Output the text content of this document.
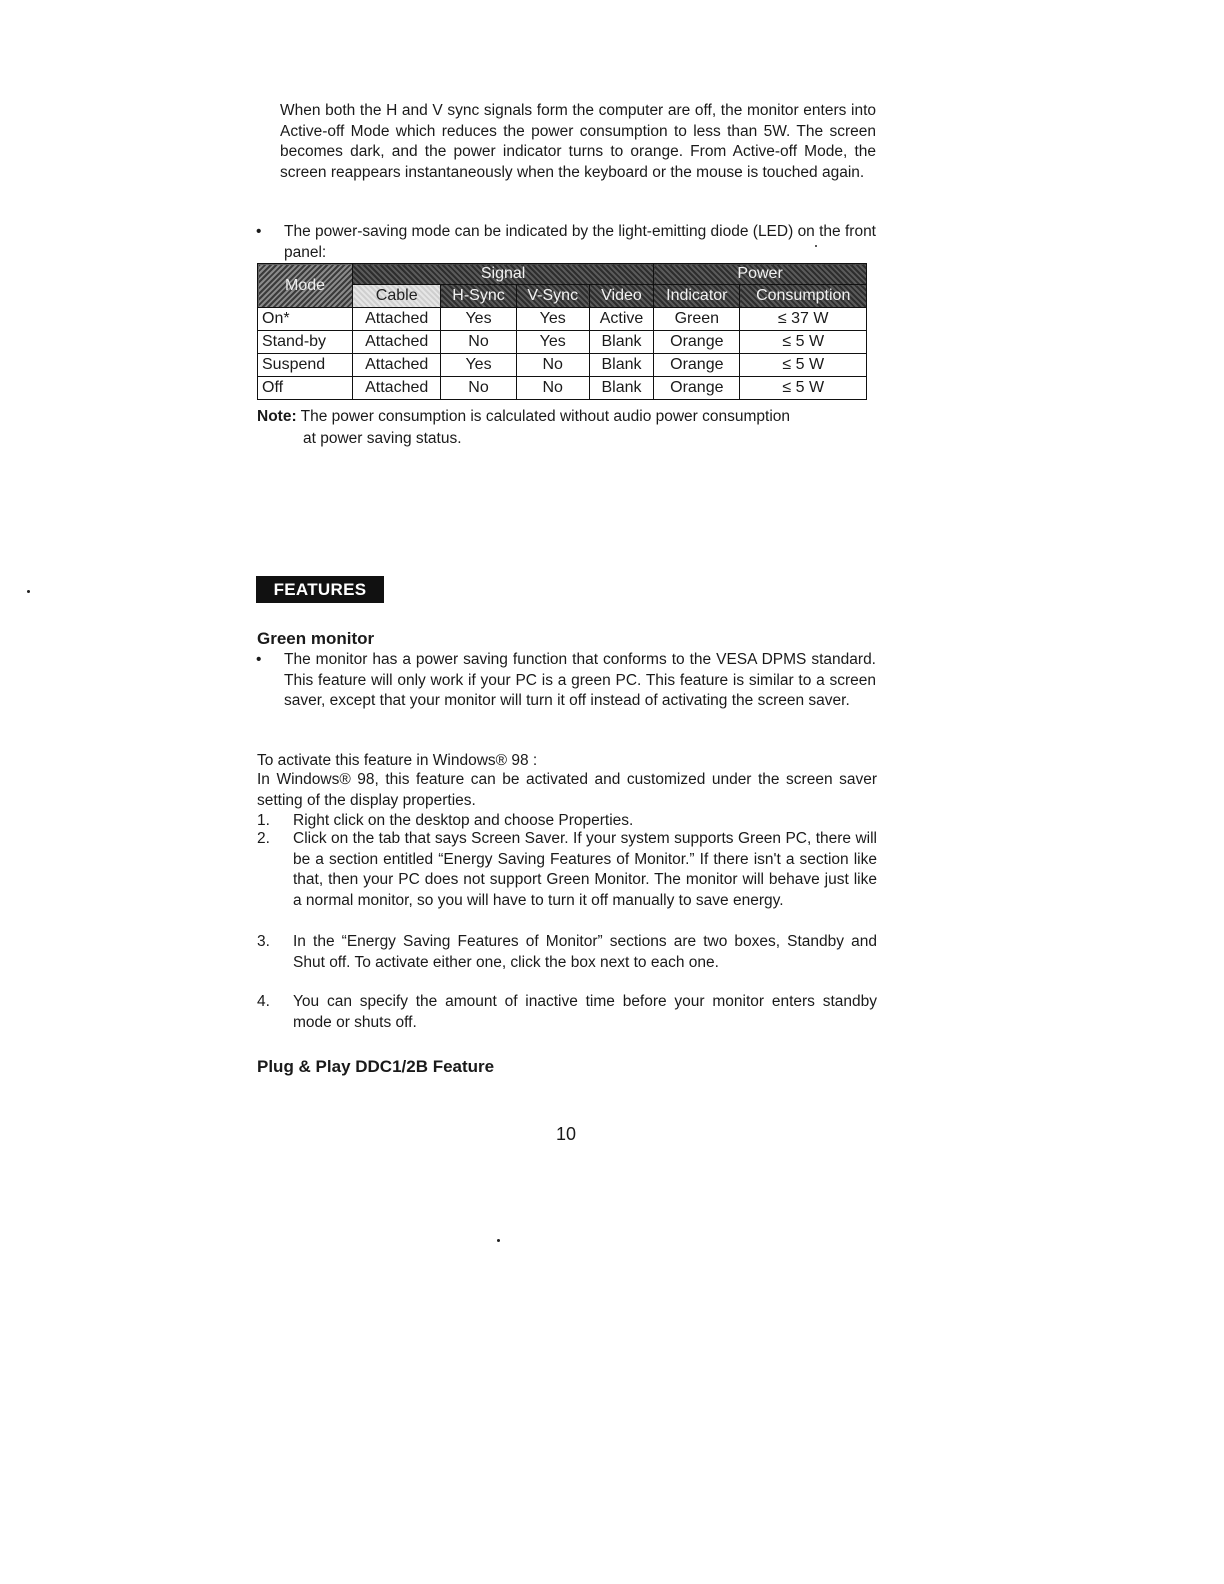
When both the H and V sync signals form the computer are off, the monitor enters into Active-off Mode which reduces the power consumption to less than 5W. The screen becomes dark, and the power indicator turns to orange. From Active-off Mode, the screen reappears instantaneously when the keyboard or the mouse is touched again.

•	The power-saving mode can be indicated by the light-emitting diode (LED) on the front panel:
Mode	Signal				Power	
	Cable	H-Sync	V-Sync	Video	Indicator	Consumption
On*	Attached	Yes	Yes	Active	Green	≤ 37 W
Stand-by	Attached	No	Yes	Blank	Orange	≤ 5 W
Suspend	Attached	Yes	No	Blank	Orange	≤ 5 W
Off	Attached	No	No	Blank	Orange	≤ 5 W
Note: The power consumption is calculated without audio power consumption
at power saving status.
FEATURES
Green monitor
•	The monitor has a power saving function that conforms to the VESA DPMS standard. This feature will only work if your PC is a green PC. This feature is similar to a screen saver, except that your monitor will turn it off instead of activating the screen saver.
To activate this feature in Windows® 98 :
In Windows® 98, this feature can be activated and customized under the screen saver setting of the display properties.
1.	Right click on the desktop and choose Properties.
2.	Click on the tab that says Screen Saver. If your system supports Green PC, there will be a section entitled “Energy Saving Features of Monitor.” If there isn't a section like that, then your PC does not support Green Monitor. The monitor will behave just like a normal monitor, so you will have to turn it off manually to save energy.
3.	In the “Energy Saving Features of Monitor” sections are two boxes, Standby and Shut off. To activate either one, click the box next to each one.
4.	You can specify the amount of inactive time before your monitor enters standby mode or shuts off.
Plug & Play DDC1/2B Feature
10
